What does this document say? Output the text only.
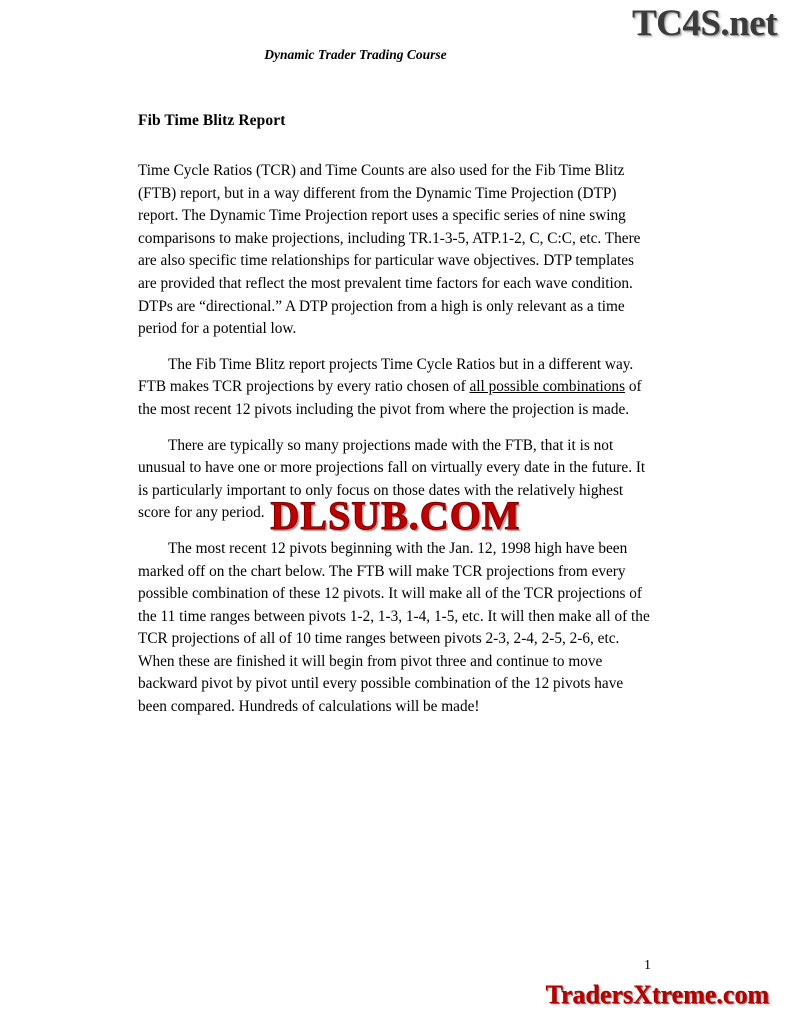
TC4S.net
Dynamic Trader Trading Course
Fib Time Blitz Report

Time Cycle Ratios (TCR) and Time Counts are also used for the Fib Time Blitz (FTB) report, but in a way different from the Dynamic Time Projection (DTP) report. The Dynamic Time Projection report uses a specific series of nine swing comparisons to make projections, including TR.1-3-5, ATP.1-2, C, C:C, etc. There are also specific time relationships for particular wave objectives. DTP templates are provided that reflect the most prevalent time factors for each wave condition. DTPs are “directional.” A DTP projection from a high is only relevant as a time period for a potential low.

The Fib Time Blitz report projects Time Cycle Ratios but in a different way. FTB makes TCR projections by every ratio chosen of all possible combinations of the most recent 12 pivots including the pivot from where the projection is made.

There are typically so many projections made with the FTB, that it is not unusual to have one or more projections fall on virtually every date in the future. It is particularly important to only focus on those dates with the relatively highest score for any period.

The most recent 12 pivots beginning with the Jan. 12, 1998 high have been marked off on the chart below. The FTB will make TCR projections from every possible combination of these 12 pivots. It will make all of the TCR projections of the 11 time ranges between pivots 1-2, 1-3, 1-4, 1-5, etc. It will then make all of the TCR projections of all of 10 time ranges between pivots 2-3, 2-4, 2-5, 2-6, etc. When these are finished it will begin from pivot three and continue to move backward pivot by pivot until every possible combination of the 12 pivots have been compared. Hundreds of calculations will be made!

DLSUB.COM
1
TradersXtreme.com
